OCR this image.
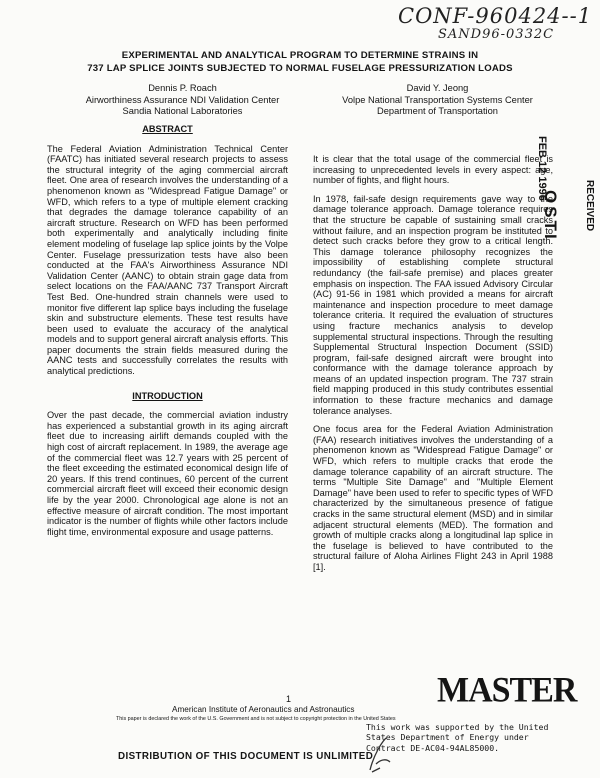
CONF-960424--1
SAND96-0332C
EXPERIMENTAL AND ANALYTICAL PROGRAM TO DETERMINE STRAINS IN
737 LAP SPLICE JOINTS SUBJECTED TO NORMAL FUSELAGE PRESSURIZATION LOADS
Dennis P. Roach
Airworthiness Assurance NDI Validation Center
Sandia National Laboratories
David Y. Jeong
Volpe National Transportation Systems Center
Department of Transportation
ABSTRACT

The Federal Aviation Administration Technical Center (FAATC) has initiated several research projects to assess the structural integrity of the aging commercial aircraft fleet. One area of research involves the understanding of a phenomenon known as "Widespread Fatigue Damage" or WFD, which refers to a type of multiple element cracking that degrades the damage tolerance capability of an aircraft structure. Research on WFD has been performed both experimentally and analytically including finite element modeling of fuselage lap splice joints by the Volpe Center. Fuselage pressurization tests have also been conducted at the FAA's Airworthiness Assurance NDI Validation Center (AANC) to obtain strain gage data from select locations on the FAA/AANC 737 Transport Aircraft Test Bed. One-hundred strain channels were used to monitor five different lap splice bays including the fuselage skin and substructure elements. These test results have been used to evaluate the accuracy of the analytical models and to support general aircraft analysis efforts. This paper documents the strain fields measured during the AANC tests and successfully correlates the results with analytical predictions.

INTRODUCTION

Over the past decade, the commercial aviation industry has experienced a substantial growth in its aging aircraft fleet due to increasing airlift demands coupled with the high cost of aircraft replacement. In 1989, the average age of the commercial fleet was 12.7 years with 25 percent of the fleet exceeding the estimated economical design life of 20 years. If this trend continues, 60 percent of the current commercial aircraft fleet will exceed their economic design life by the year 2000. Chronological age alone is not an effective measure of aircraft condition. The most important indicator is the number of flights while other factors include flight time, environmental exposure and usage patterns.

It is clear that the total usage of the commercial fleet is increasing to unprecedented levels in every aspect: age, number of fights, and flight hours.

In 1978, fail-safe design requirements gave way to the damage tolerance approach. Damage tolerance requires that the structure be capable of sustaining small cracks without failure, and an inspection program be instituted to detect such cracks before they grow to a critical length. This damage tolerance philosophy recognizes the impossibility of establishing complete structural redundancy (the fail-safe premise) and places greater emphasis on inspection. The FAA issued Advisory Circular (AC) 91-56 in 1981 which provided a means for aircraft maintenance and inspection procedure to meet damage tolerance criteria. It required the evaluation of structures using fracture mechanics analysis to develop supplemental structural inspections. Through the resulting Supplemental Structural Inspection Document (SSID) program, fail-safe designed aircraft were brought into conformance with the damage tolerance approach by means of an updated inspection program. The 737 strain field mapping produced in this study contributes essential information to these fracture mechanics and damage tolerance analyses.

One focus area for the Federal Aviation Administration (FAA) research initiatives involves the understanding of a phenomenon known as "Widespread Fatigue Damage" or WFD, which refers to multiple cracks that erode the damage tolerance capability of an aircraft structure. The terms "Multiple Site Damage" and "Multiple Element Damage" have been used to refer to specific types of WFD characterized by the simultaneous presence of fatigue cracks in the same structural element (MSD) and in similar adjacent structural elements (MED). The formation and growth of multiple cracks along a longitudinal lap splice in the fuselage is believed to have contributed to the structural failure of Aloha Airlines Flight 243 in April 1988 [1].

FEB 12 1996
OSTI RECEIVED
MASTER
1
American Institute of Aeronautics and Astronautics
This paper is declared the work of the U.S. Government and is not subject to copyright protection in the United States
This work was supported by the United
States Department of Energy under
Contract DE-AC04-94AL85000.
DISTRIBUTION OF THIS DOCUMENT IS UNLIMITED
